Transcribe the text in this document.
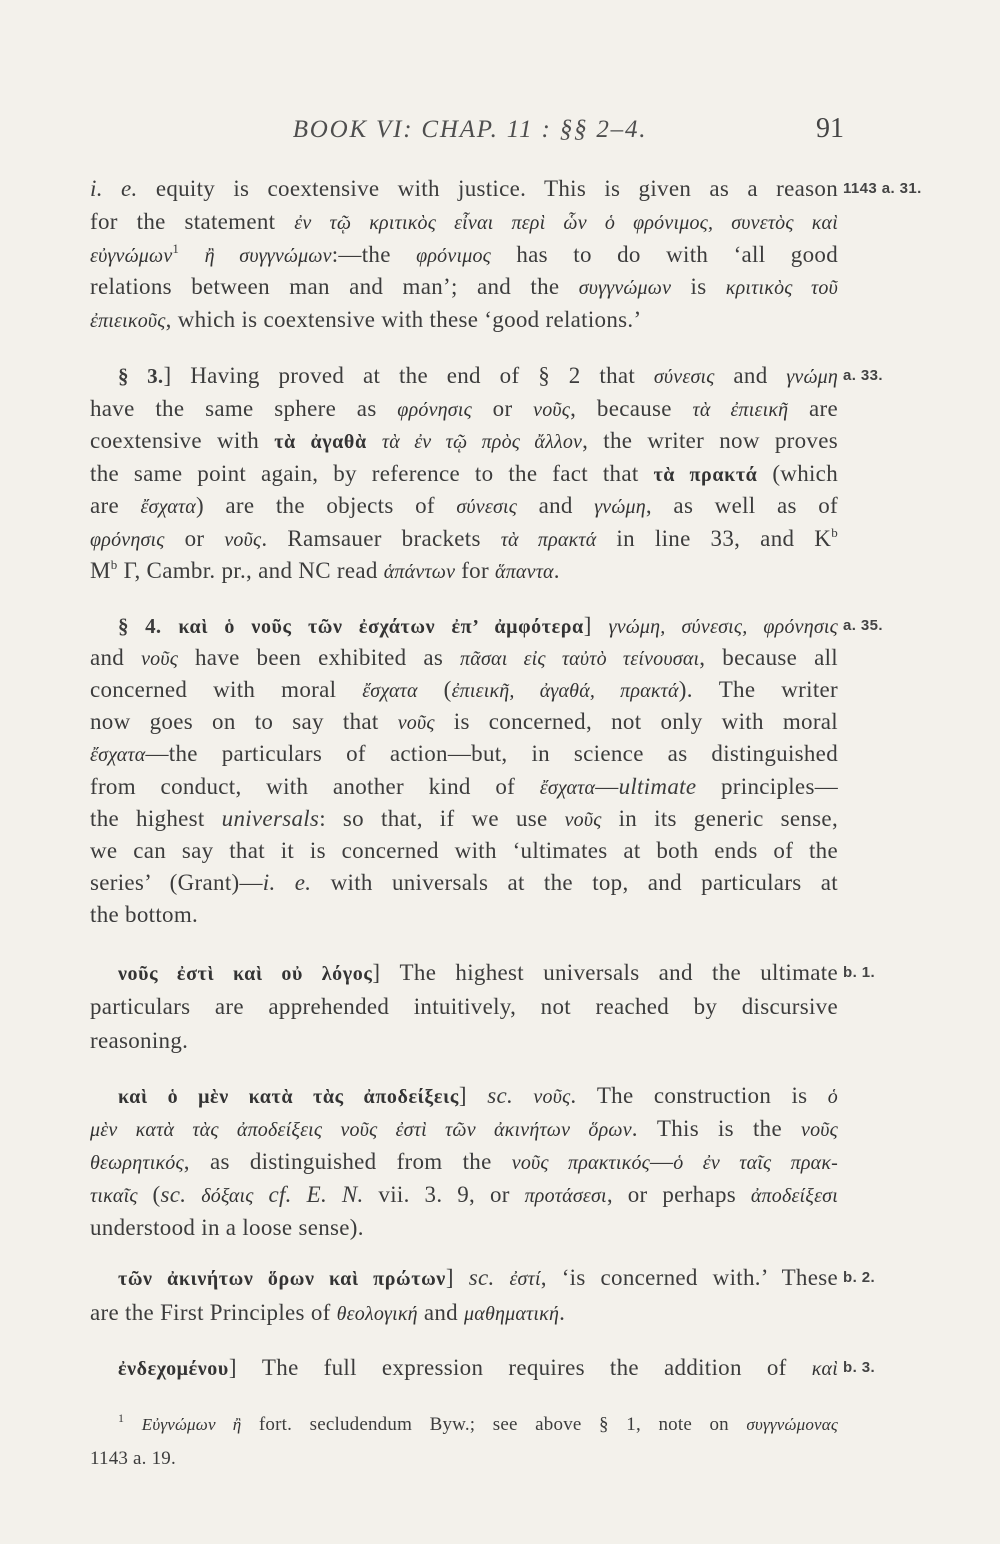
BOOK VI: CHAP. 11 : §§ 2–4.	91
i. e. equity is coextensive with justice. This is given as a reason
for the statement ἐν τῷ κριτικὸς εἶναι περὶ ὧν ὁ φρόνιμος, συνετὸς καὶ
εὐγνώμων$^1$ ἢ συγγνώμων:—the φρόνιμος has to do with ‘all good
relations between man and man’; and the συγγνώμων is κριτικὸς τοῦ
ἐπιεικοῦς, which is coextensive with these ‘good relations.’
1143 a. 31.
§ 3.] Having proved at the end of § 2 that σύνεσις and γνώμη
have the same sphere as φρόνησις or νοῦς, because τὰ ἐπιεικῆ are
coextensive with τὰ ἀγαθὰ τὰ ἐν τῷ πρὸς ἄλλον, the writer now proves
the same point again, by reference to the fact that τὰ πρακτά (which
are ἔσχατα) are the objects of σύνεσις and γνώμη, as well as of
φρόνησις or νοῦς. Ramsauer brackets τὰ πρακτά in line 33, and $K^b$
$M^b$ Γ, Cambr. pr., and NC read ἁπάντων for ἅπαντα.
a. 33.
§ 4. καὶ ὁ νοῦς τῶν ἐσχάτων ἐπ’ ἀμφότερα] γνώμη, σύνεσις, φρόνησις
and νοῦς have been exhibited as πᾶσαι εἰς ταὐτὸ τείνουσαι, because all
concerned with moral ἔσχατα (ἐπιεικῆ, ἀγαθά, πρακτά). The writer
now goes on to say that νοῦς is concerned, not only with moral
ἔσχατα—the particulars of action—but, in science as distinguished
from conduct, with another kind of ἔσχατα—ultimate principles—
the highest universals: so that, if we use νοῦς in its generic sense,
we can say that it is concerned with ‘ultimates at both ends of the
series’ (Grant)—i. e. with universals at the top, and particulars at
the bottom.
a. 35.
νοῦς ἐστὶ καὶ οὐ λόγος] The highest universals and the ultimate
particulars are apprehended intuitively, not reached by discursive
reasoning.
b. 1.
καὶ ὁ μὲν κατὰ τὰς ἀποδείξεις] sc. νοῦς. The construction is ὁ
μὲν κατὰ τὰς ἀποδείξεις νοῦς ἐστὶ τῶν ἀκινήτων ὅρων. This is the νοῦς
θεωρητικός, as distinguished from the νοῦς πρακτικός—ὁ ἐν ταῖς πρακ-
τικαῖς (sc. δόξαις cf. E. N. vii. 3. 9, or προτάσεσι, or perhaps ἀποδείξεσι
understood in a loose sense).
τῶν ἀκινήτων ὅρων καὶ πρώτων] sc. ἐστί, ‘is concerned with.’ These
are the First Principles of θεολογική and μαθηματική.
b. 2.
ἐνδεχομένου] The full expression requires the addition of καὶ b. 3.
$^1$ Εὐγνώμων ἢ fort. secludendum Byw.; see above § 1, note on συγγνώμονας
1143 a. 19.
